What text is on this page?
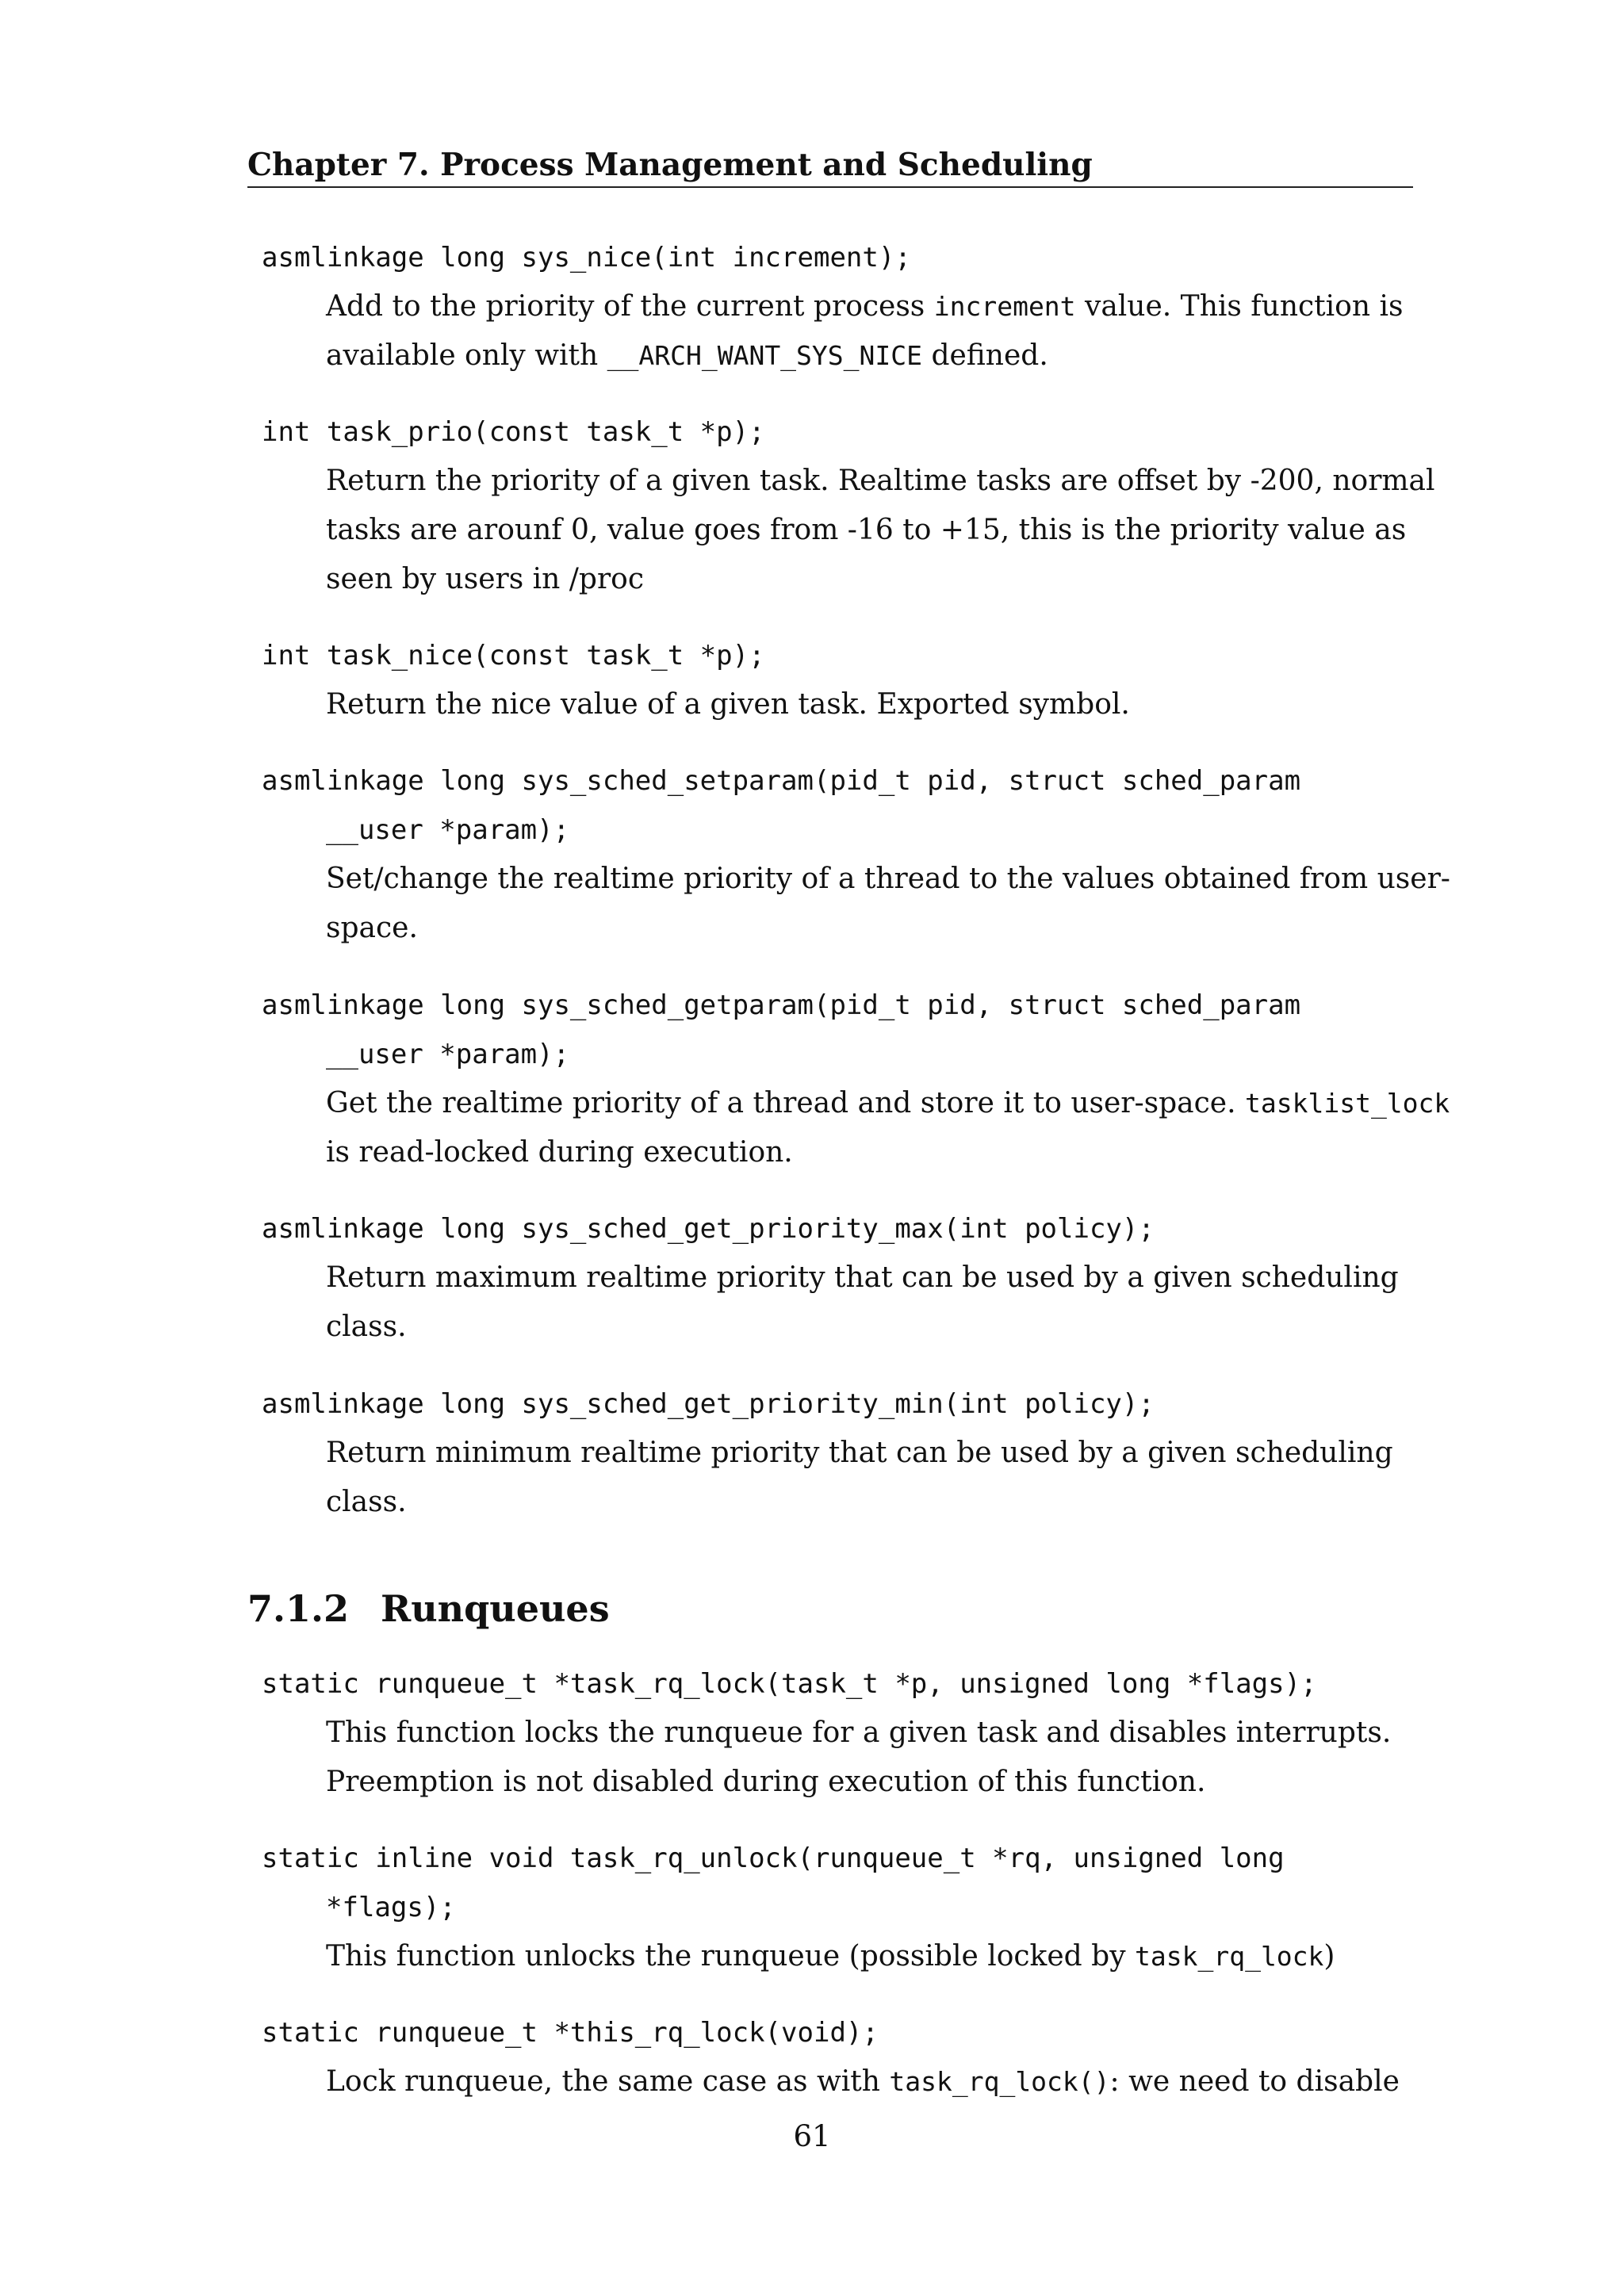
Chapter 7. Process Management and Scheduling
asmlinkage long sys_nice(int increment);
Add to the priority of the current process increment value. This function is
available only with __ARCH_WANT_SYS_NICE defined.
int task_prio(const task_t *p);
Return the priority of a given task. Realtime tasks are offset by -200, normal
tasks are arounf 0, value goes from -16 to +15, this is the priority value as
seen by users in /proc
int task_nice(const task_t *p);
Return the nice value of a given task. Exported symbol.
asmlinkage long sys_sched_setparam(pid_t pid, struct sched_param
__user *param);
Set/change the realtime priority of a thread to the values obtained from user-
space.
asmlinkage long sys_sched_getparam(pid_t pid, struct sched_param
__user *param);
Get the realtime priority of a thread and store it to user-space. tasklist_lock
is read-locked during execution.
asmlinkage long sys_sched_get_priority_max(int policy);
Return maximum realtime priority that can be used by a given scheduling
class.
asmlinkage long sys_sched_get_priority_min(int policy);
Return minimum realtime priority that can be used by a given scheduling
class.
7.1.2 Runqueues
static runqueue_t *task_rq_lock(task_t *p, unsigned long *flags);
This function locks the runqueue for a given task and disables interrupts.
Preemption is not disabled during execution of this function.
static inline void task_rq_unlock(runqueue_t *rq, unsigned long
*flags);
This function unlocks the runqueue (possible locked by task_rq_lock)
static runqueue_t *this_rq_lock(void);
Lock runqueue, the same case as with task_rq_lock(): we need to disable
61
